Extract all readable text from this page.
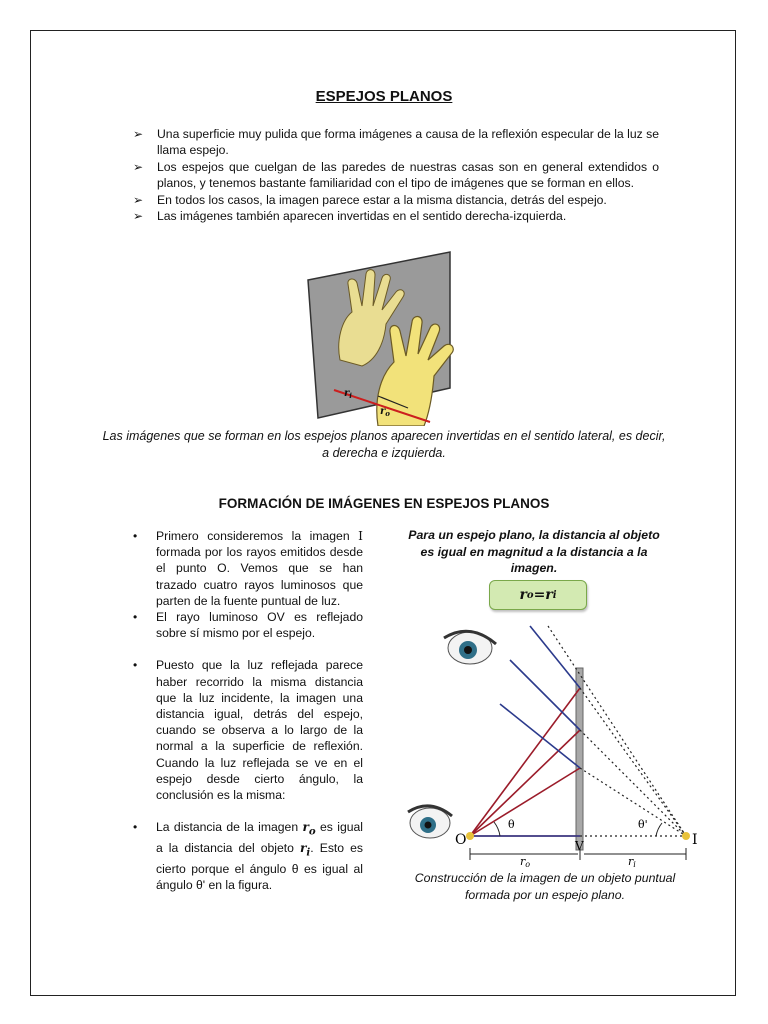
ESPEJOS PLANOS
➢ Una superficie muy pulida que forma imágenes a causa de la reflexión especular de la luz se llama espejo.
➢ Los espejos que cuelgan de las paredes de nuestras casas son en general extendidos o planos, y tenemos bastante familiaridad con el tipo de imágenes que se forman en ellos.
➢ En todos los casos, la imagen parece estar a la misma distancia, detrás del espejo.
➢ Las imágenes también aparecen invertidas en el sentido derecha-izquierda.
$r_i$
$r_o$
Las imágenes que se forman en los espejos planos aparecen invertidas en el sentido lateral, es decir, a derecha e izquierda.
FORMACIÓN DE IMÁGENES EN ESPEJOS PLANOS
• Primero consideremos la imagen I formada por los rayos emitidos desde el punto O. Vemos que se han trazado cuatro rayos luminosos que parten de la fuente puntual de luz.
• El rayo luminoso OV es reflejado sobre sí mismo por el espejo.
• Puesto que la luz reflejada parece haber recorrido la misma distancia que la luz incidente, la imagen una distancia igual, detrás del espejo, cuando se observa a lo largo de la normal a la superficie de reflexión. Cuando la luz reflejada se ve en el espejo desde cierto ángulo, la conclusión es la misma:
• La distancia de la imagen $r_o$ es igual a la distancia del objeto $r_i$. Esto es cierto porque el ángulo θ es igual al ángulo θ' en la figura.
Para un espejo plano, la distancia al objeto es igual en magnitud a la distancia a la imagen.
r o = r i
θ	θ'
O	V	I
ro	ri
Construcción de la imagen de un objeto puntual formada por un espejo plano.
